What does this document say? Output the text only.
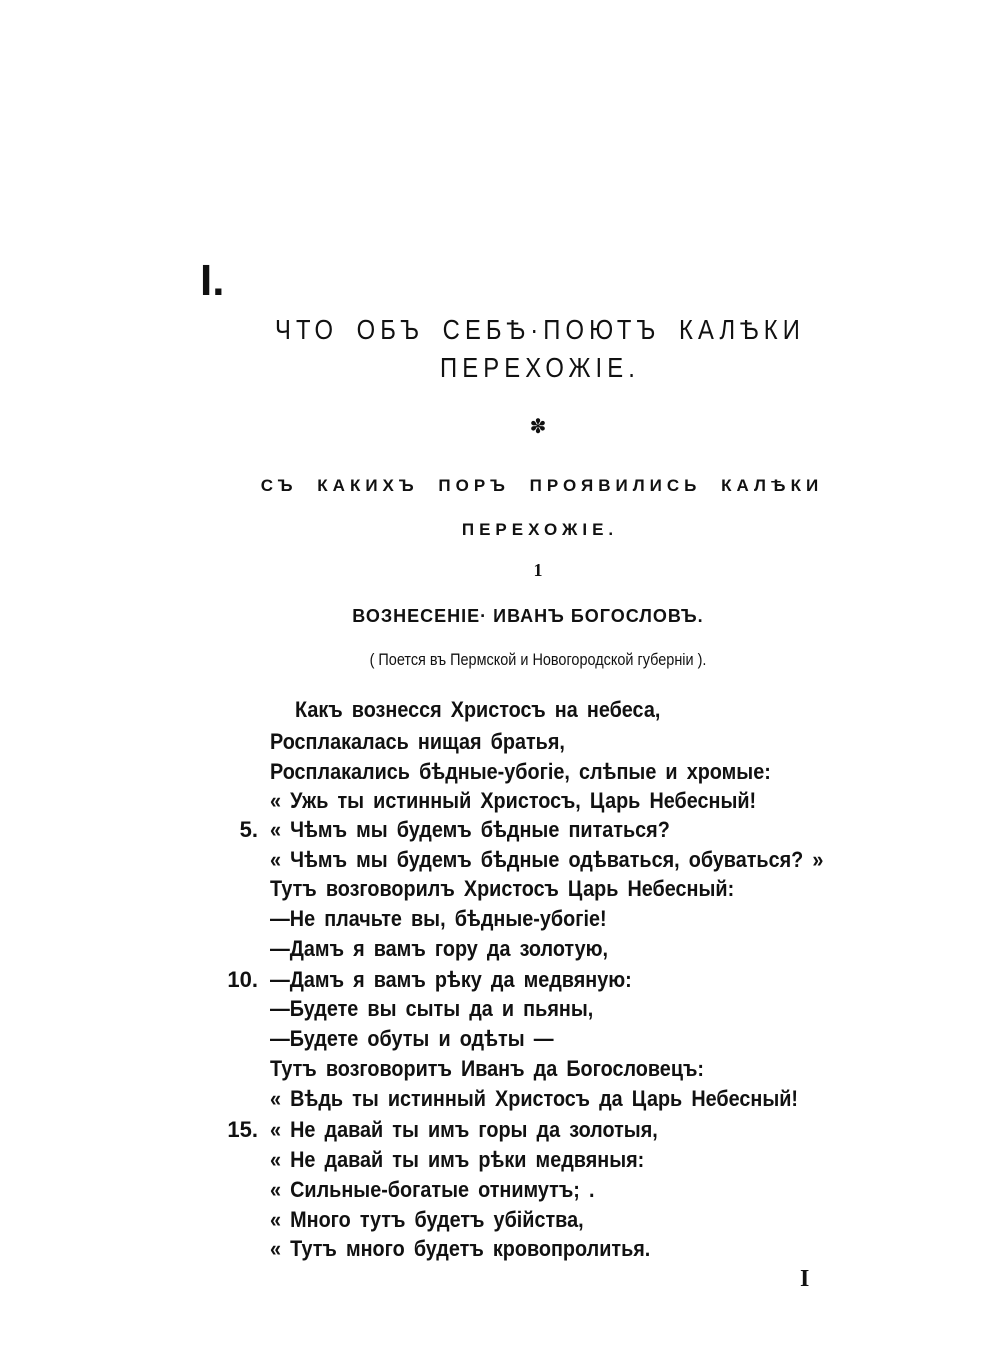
I.
ЧТО ОБЪ СЕБѢ·ПОЮТЪ КАЛѢКИ
ПЕРЕХОЖІЕ.
✽
СЪ КАКИХЪ ПОРЪ ПРОЯВИЛИСЬ КАЛѢКИ
ПЕРЕХОЖІЕ.
1
ВОЗНЕСЕНІЕ· ИВАНЪ БОГОСЛОВЪ.
( Поется въ Пермской и Новогородской губерніи ).
Какъ вознесся Христосъ на небеса,
Росплакалась нищая братья,
Росплакались бѣдные-убогіе, слѣпые и хромые:
« Ужь ты истинный Христосъ, Царь Небесный!
« Чѣмъ мы будемъ бѣдные питаться?
5.
« Чѣмъ мы будемъ бѣдные одѣваться, обуваться? »
Тутъ возговорилъ Христосъ Царь Небесный:
—Не плачьте вы, бѣдные-убогіе!
—Дамъ я вамъ гору да золотую,
—Дамъ я вамъ рѣку да медвяную:
10.
—Будете вы сыты да и пьяны,
—Будете обуты и одѣты —
Тутъ возговоритъ Иванъ да Богословецъ:
« Вѣдь ты истинный Христосъ да Царь Небесный!
« Не давай ты имъ горы да золотыя,
15.
« Не давай ты имъ рѣки медвяныя:
« Сильные-богатые отнимутъ; .
« Много тутъ будетъ убійства,
« Тутъ много будетъ кровопролитья.
I
